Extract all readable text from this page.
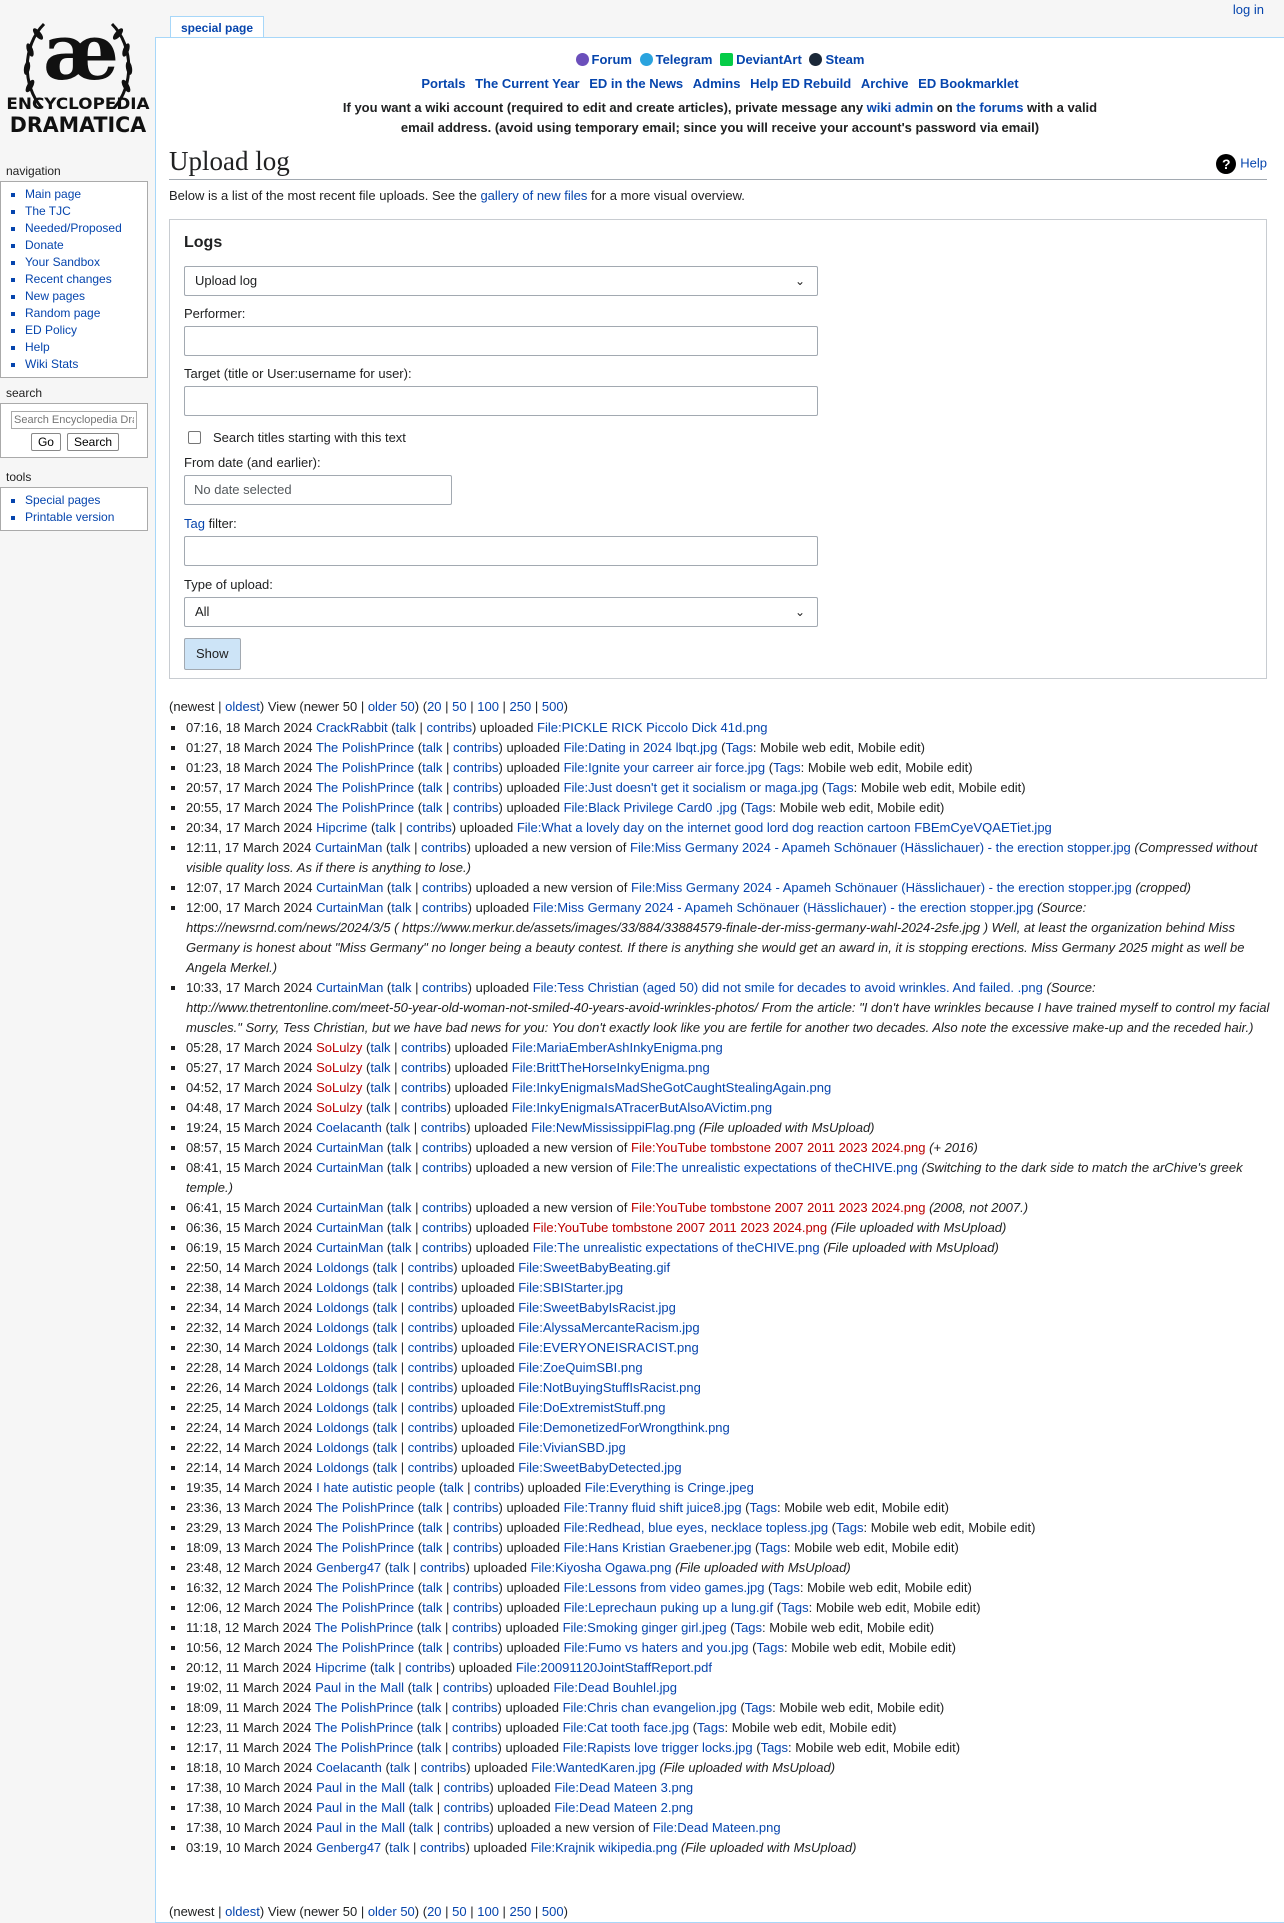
æ
ENCYCLOPEDIA
DRAMATICA
navigation
▪ Main page
▪ The TJC
▪ Needed/Proposed
▪ Donate
▪ Your Sandbox
▪ Recent changes
▪ New pages
▪ Random page
▪ ED Policy
▪ Help
▪ Wiki Stats
search
Search Encyclopedia Dramatica
Go Search
tools
▪ Special pages
▪ Printable version
log in
special page
Forum Telegram DeviantArt Steam
Portals The Current Year ED in the News Admins Help ED Rebuild Archive ED Bookmarklet
If you want a wiki account (required to edit and create articles), private message any wiki admin on the forums with a valid email address. (avoid using temporary email; since you will receive your account's password via email)
Upload log	? Help
Below is a list of the most recent file uploads. See the gallery of new files for a more visual overview.
Logs
Upload log	⌄
Performer:
Target (title or User:username for user):
Search titles starting with this text
From date (and earlier):
No date selected
Tag filter:
Type of upload:
All	⌄
Show
(newest | oldest) View (newer 50 | older 50) (20 | 50 | 100 | 250 | 500)
▪ 07:16, 18 March 2024 CrackRabbit (talk | contribs) uploaded File:PICKLE RICK Piccolo Dick 41d.png
▪ 01:27, 18 March 2024 The PolishPrince (talk | contribs) uploaded File:Dating in 2024 lbqt.jpg (Tags: Mobile web edit, Mobile edit)
▪ 01:23, 18 March 2024 The PolishPrince (talk | contribs) uploaded File:Ignite your carreer air force.jpg (Tags: Mobile web edit, Mobile edit)
▪ 20:57, 17 March 2024 The PolishPrince (talk | contribs) uploaded File:Just doesn't get it socialism or maga.jpg (Tags: Mobile web edit, Mobile edit)
▪ 20:55, 17 March 2024 The PolishPrince (talk | contribs) uploaded File:Black Privilege Card0 .jpg (Tags: Mobile web edit, Mobile edit)
▪ 20:34, 17 March 2024 Hipcrime (talk | contribs) uploaded File:What a lovely day on the internet good lord dog reaction cartoon FBEmCyeVQAETiet.jpg
▪ 12:11, 17 March 2024 CurtainMan (talk | contribs) uploaded a new version of File:Miss Germany 2024 - Apameh Schönauer (Hässlichauer) - the erection stopper.jpg (Compressed without visible quality loss. As if there is anything to lose.)
▪ 12:07, 17 March 2024 CurtainMan (talk | contribs) uploaded a new version of File:Miss Germany 2024 - Apameh Schönauer (Hässlichauer) - the erection stopper.jpg (cropped)
▪ 12:00, 17 March 2024 CurtainMan (talk | contribs) uploaded File:Miss Germany 2024 - Apameh Schönauer (Hässlichauer) - the erection stopper.jpg (Source: https://newsrnd.com/news/2024/3/5 ( https://www.merkur.de/assets/images/33/884/33884579-finale-der-miss-germany-wahl-2024-2sfe.jpg ) Well, at least the organization behind Miss Germany is honest about "Miss Germany" no longer being a beauty contest. If there is anything she would get an award in, it is stopping erections. Miss Germany 2025 might as well be Angela Merkel.)
▪ 10:33, 17 March 2024 CurtainMan (talk | contribs) uploaded File:Tess Christian (aged 50) did not smile for decades to avoid wrinkles. And failed. .png (Source: http://www.thetrentonline.com/meet-50-year-old-woman-not-smiled-40-years-avoid-wrinkles-photos/ From the article: "I don't have wrinkles because I have trained myself to control my facial muscles." Sorry, Tess Christian, but we have bad news for you: You don't exactly look like you are fertile for another two decades. Also note the excessive make-up and the receded hair.)
▪ 05:28, 17 March 2024 SoLulzy (talk | contribs) uploaded File:MariaEmberAshInkyEnigma.png
▪ 05:27, 17 March 2024 SoLulzy (talk | contribs) uploaded File:BrittTheHorseInkyEnigma.png
▪ 04:52, 17 March 2024 SoLulzy (talk | contribs) uploaded File:InkyEnigmaIsMadSheGotCaughtStealingAgain.png
▪ 04:48, 17 March 2024 SoLulzy (talk | contribs) uploaded File:InkyEnigmaIsATracerButAlsoAVictim.png
▪ 19:24, 15 March 2024 Coelacanth (talk | contribs) uploaded File:NewMississippiFlag.png (File uploaded with MsUpload)
▪ 08:57, 15 March 2024 CurtainMan (talk | contribs) uploaded a new version of File:YouTube tombstone 2007 2011 2023 2024.png (+ 2016)
▪ 08:41, 15 March 2024 CurtainMan (talk | contribs) uploaded a new version of File:The unrealistic expectations of theCHIVE.png (Switching to the dark side to match the arChive's greek temple.)
▪ 06:41, 15 March 2024 CurtainMan (talk | contribs) uploaded a new version of File:YouTube tombstone 2007 2011 2023 2024.png (2008, not 2007.)
▪ 06:36, 15 March 2024 CurtainMan (talk | contribs) uploaded File:YouTube tombstone 2007 2011 2023 2024.png (File uploaded with MsUpload)
▪ 06:19, 15 March 2024 CurtainMan (talk | contribs) uploaded File:The unrealistic expectations of theCHIVE.png (File uploaded with MsUpload)
▪ 22:50, 14 March 2024 Loldongs (talk | contribs) uploaded File:SweetBabyBeating.gif
▪ 22:38, 14 March 2024 Loldongs (talk | contribs) uploaded File:SBIStarter.jpg
▪ 22:34, 14 March 2024 Loldongs (talk | contribs) uploaded File:SweetBabyIsRacist.jpg
▪ 22:32, 14 March 2024 Loldongs (talk | contribs) uploaded File:AlyssaMercanteRacism.jpg
▪ 22:30, 14 March 2024 Loldongs (talk | contribs) uploaded File:EVERYONEISRACIST.png
▪ 22:28, 14 March 2024 Loldongs (talk | contribs) uploaded File:ZoeQuimSBI.png
▪ 22:26, 14 March 2024 Loldongs (talk | contribs) uploaded File:NotBuyingStuffIsRacist.png
▪ 22:25, 14 March 2024 Loldongs (talk | contribs) uploaded File:DoExtremistStuff.png
▪ 22:24, 14 March 2024 Loldongs (talk | contribs) uploaded File:DemonetizedForWrongthink.png
▪ 22:22, 14 March 2024 Loldongs (talk | contribs) uploaded File:VivianSBD.jpg
▪ 22:14, 14 March 2024 Loldongs (talk | contribs) uploaded File:SweetBabyDetected.jpg
▪ 19:35, 14 March 2024 I hate autistic people (talk | contribs) uploaded File:Everything is Cringe.jpeg
▪ 23:36, 13 March 2024 The PolishPrince (talk | contribs) uploaded File:Tranny fluid shift juice8.jpg (Tags: Mobile web edit, Mobile edit)
▪ 23:29, 13 March 2024 The PolishPrince (talk | contribs) uploaded File:Redhead, blue eyes, necklace topless.jpg (Tags: Mobile web edit, Mobile edit)
▪ 18:09, 13 March 2024 The PolishPrince (talk | contribs) uploaded File:Hans Kristian Graebener.jpg (Tags: Mobile web edit, Mobile edit)
▪ 23:48, 12 March 2024 Genberg47 (talk | contribs) uploaded File:Kiyosha Ogawa.png (File uploaded with MsUpload)
▪ 16:32, 12 March 2024 The PolishPrince (talk | contribs) uploaded File:Lessons from video games.jpg (Tags: Mobile web edit, Mobile edit)
▪ 12:06, 12 March 2024 The PolishPrince (talk | contribs) uploaded File:Leprechaun puking up a lung.gif (Tags: Mobile web edit, Mobile edit)
▪ 11:18, 12 March 2024 The PolishPrince (talk | contribs) uploaded File:Smoking ginger girl.jpeg (Tags: Mobile web edit, Mobile edit)
▪ 10:56, 12 March 2024 The PolishPrince (talk | contribs) uploaded File:Fumo vs haters and you.jpg (Tags: Mobile web edit, Mobile edit)
▪ 20:12, 11 March 2024 Hipcrime (talk | contribs) uploaded File:20091120JointStaffReport.pdf
▪ 19:02, 11 March 2024 Paul in the Mall (talk | contribs) uploaded File:Dead Bouhlel.jpg
▪ 18:09, 11 March 2024 The PolishPrince (talk | contribs) uploaded File:Chris chan evangelion.jpg (Tags: Mobile web edit, Mobile edit)
▪ 12:23, 11 March 2024 The PolishPrince (talk | contribs) uploaded File:Cat tooth face.jpg (Tags: Mobile web edit, Mobile edit)
▪ 12:17, 11 March 2024 The PolishPrince (talk | contribs) uploaded File:Rapists love trigger locks.jpg (Tags: Mobile web edit, Mobile edit)
▪ 18:18, 10 March 2024 Coelacanth (talk | contribs) uploaded File:WantedKaren.jpg (File uploaded with MsUpload)
▪ 17:38, 10 March 2024 Paul in the Mall (talk | contribs) uploaded File:Dead Mateen 3.png
▪ 17:38, 10 March 2024 Paul in the Mall (talk | contribs) uploaded File:Dead Mateen 2.png
▪ 17:38, 10 March 2024 Paul in the Mall (talk | contribs) uploaded a new version of File:Dead Mateen.png
▪ 03:19, 10 March 2024 Genberg47 (talk | contribs) uploaded File:Krajnik wikipedia.png (File uploaded with MsUpload)
(newest | oldest) View (newer 50 | older 50) (20 | 50 | 100 | 250 | 500)
